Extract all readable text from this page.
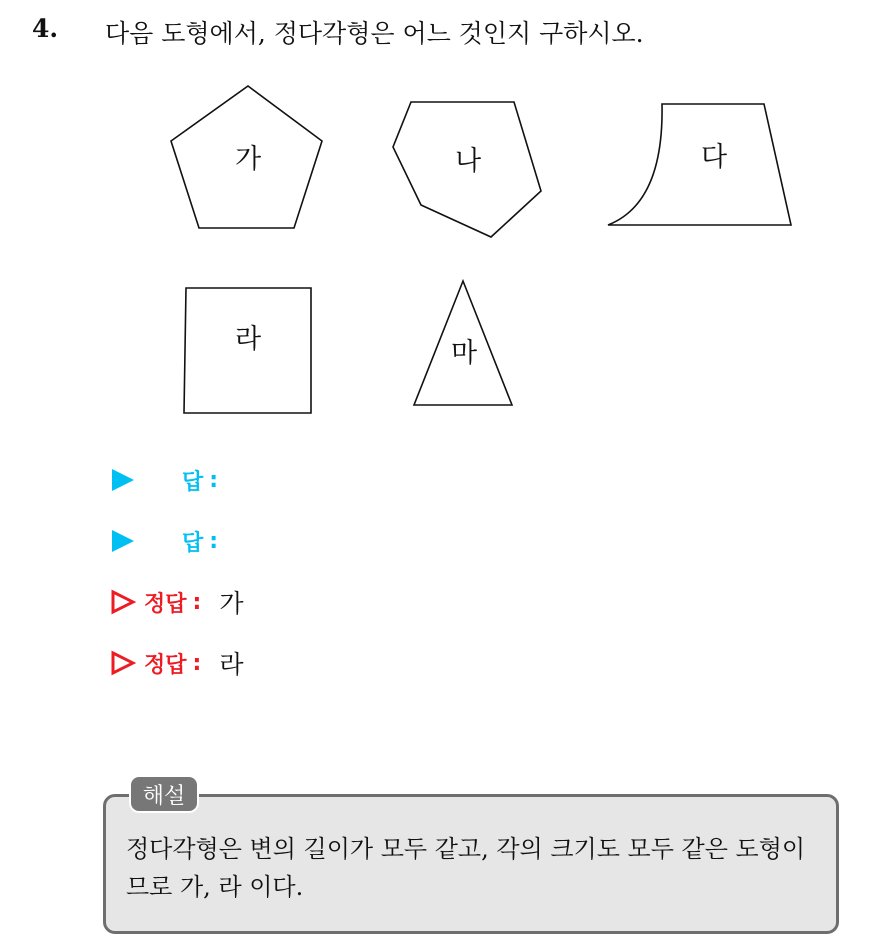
4. 다음 도형에서, 정다각형은 어느 것인지 구하시오.
가	나	다
라	마
답 :
답 :
정답 : 가
정답 : 라
해설
정다각형은 변의 길이가 모두 같고, 각의 크기도 모두 같은 도형이므로 가, 라 이다.
